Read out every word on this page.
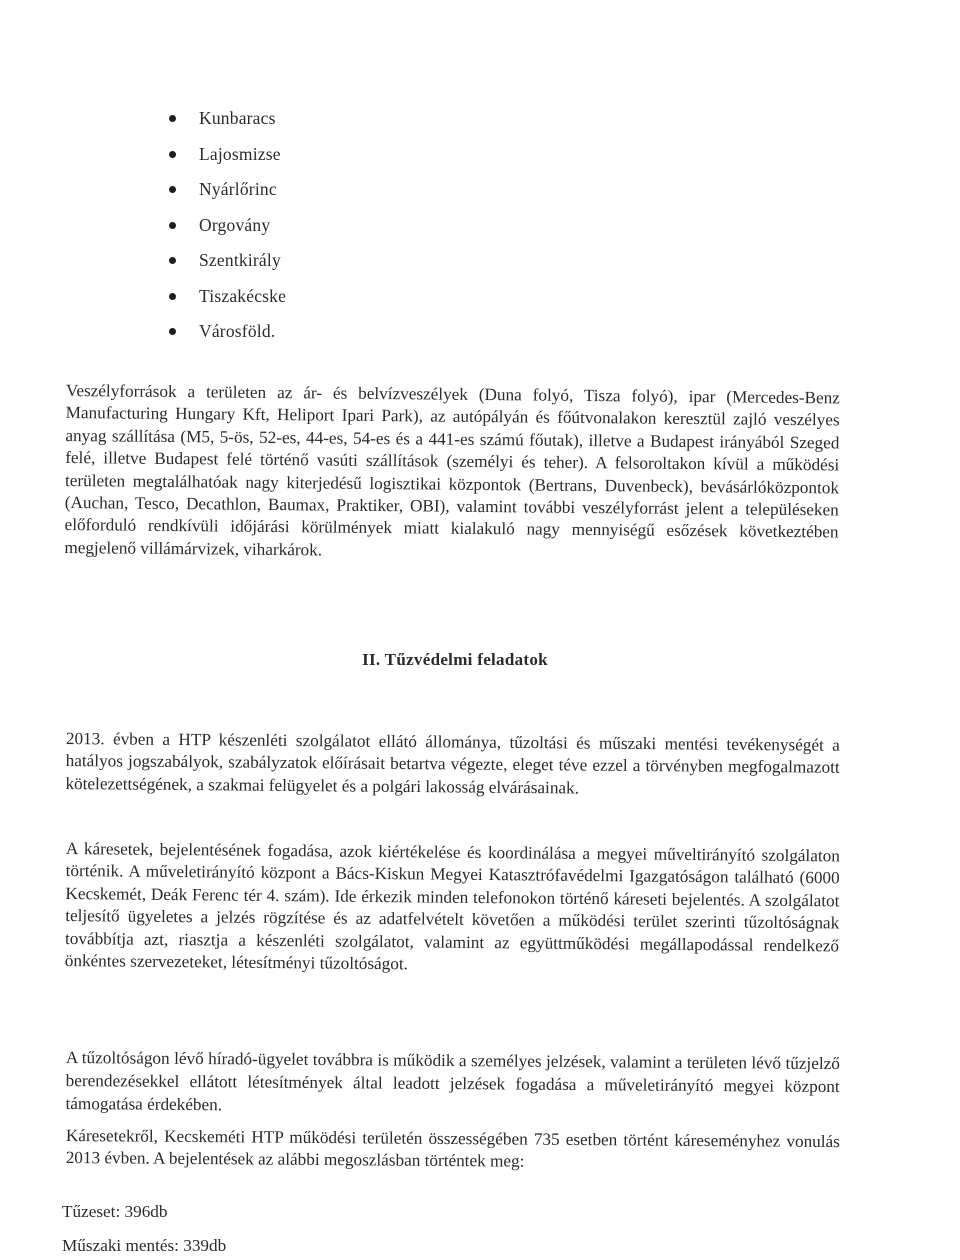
Kunbaracs
Lajosmizse
Nyárlőrinc
Orgovány
Szentkirály
Tiszakécske
Városföld.

Veszélyforrások a területen az ár- és belvízveszélyek (Duna folyó, Tisza folyó), ipar (Mercedes-Benz Manufacturing Hungary Kft, Heliport Ipari Park), az autópályán és főútvonalakon keresztül zajló veszélyes anyag szállítása (M5, 5-ös, 52-es, 44-es, 54-es és a 441-es számú főutak), illetve a Budapest irányából Szeged felé, illetve Budapest felé történő vasúti szállítások (személyi és teher). A felsoroltakon kívül a működési területen megtalálhatóak nagy kiterjedésű logisztikai központok (Bertrans, Duvenbeck), bevásárlóközpontok (Auchan, Tesco, Decathlon, Baumax, Praktiker, OBI), valamint további veszélyforrást jelent a településeken előforduló rendkívüli időjárási körülmények miatt kialakuló nagy mennyiségű esőzések következtében megjelenő villámárvizek, viharkárok.

II. Tűzvédelmi feladatok

2013. évben a HTP készenléti szolgálatot ellátó állománya, tűzoltási és műszaki mentési tevékenységét a hatályos jogszabályok, szabályzatok előírásait betartva végezte, eleget téve ezzel a törvényben megfogalmazott kötelezettségének, a szakmai felügyelet és a polgári lakosság elvárásainak.

A káresetek, bejelentésének fogadása, azok kiértékelése és koordinálása a megyei műveltirányító szolgálaton történik. A műveletirányító központ a Bács-Kiskun Megyei Katasztrófavédelmi Igazgatóságon található (6000 Kecskemét, Deák Ferenc tér 4. szám). Ide érkezik minden telefonokon történő káreseti bejelentés. A szolgálatot teljesítő ügyeletes a jelzés rögzítése és az adatfelvételt követően a működési terület szerinti tűzoltóságnak továbbítja azt, riasztja a készenléti szolgálatot, valamint az együttműködési megállapodással rendelkező önkéntes szervezeteket, létesítményi tűzoltóságot.

A tűzoltóságon lévő híradó-ügyelet továbbra is működik a személyes jelzések, valamint a területen lévő tűzjelző berendezésekkel ellátott létesítmények által leadott jelzések fogadása a műveletirányító megyei központ támogatása érdekében.

Káresetekről, Kecskeméti HTP működési területén összességében 735 esetben történt káreseményhez vonulás 2013 évben. A bejelentések az alábbi megoszlásban történtek meg:

Tűzeset: 396db
Műszaki mentés: 339db
